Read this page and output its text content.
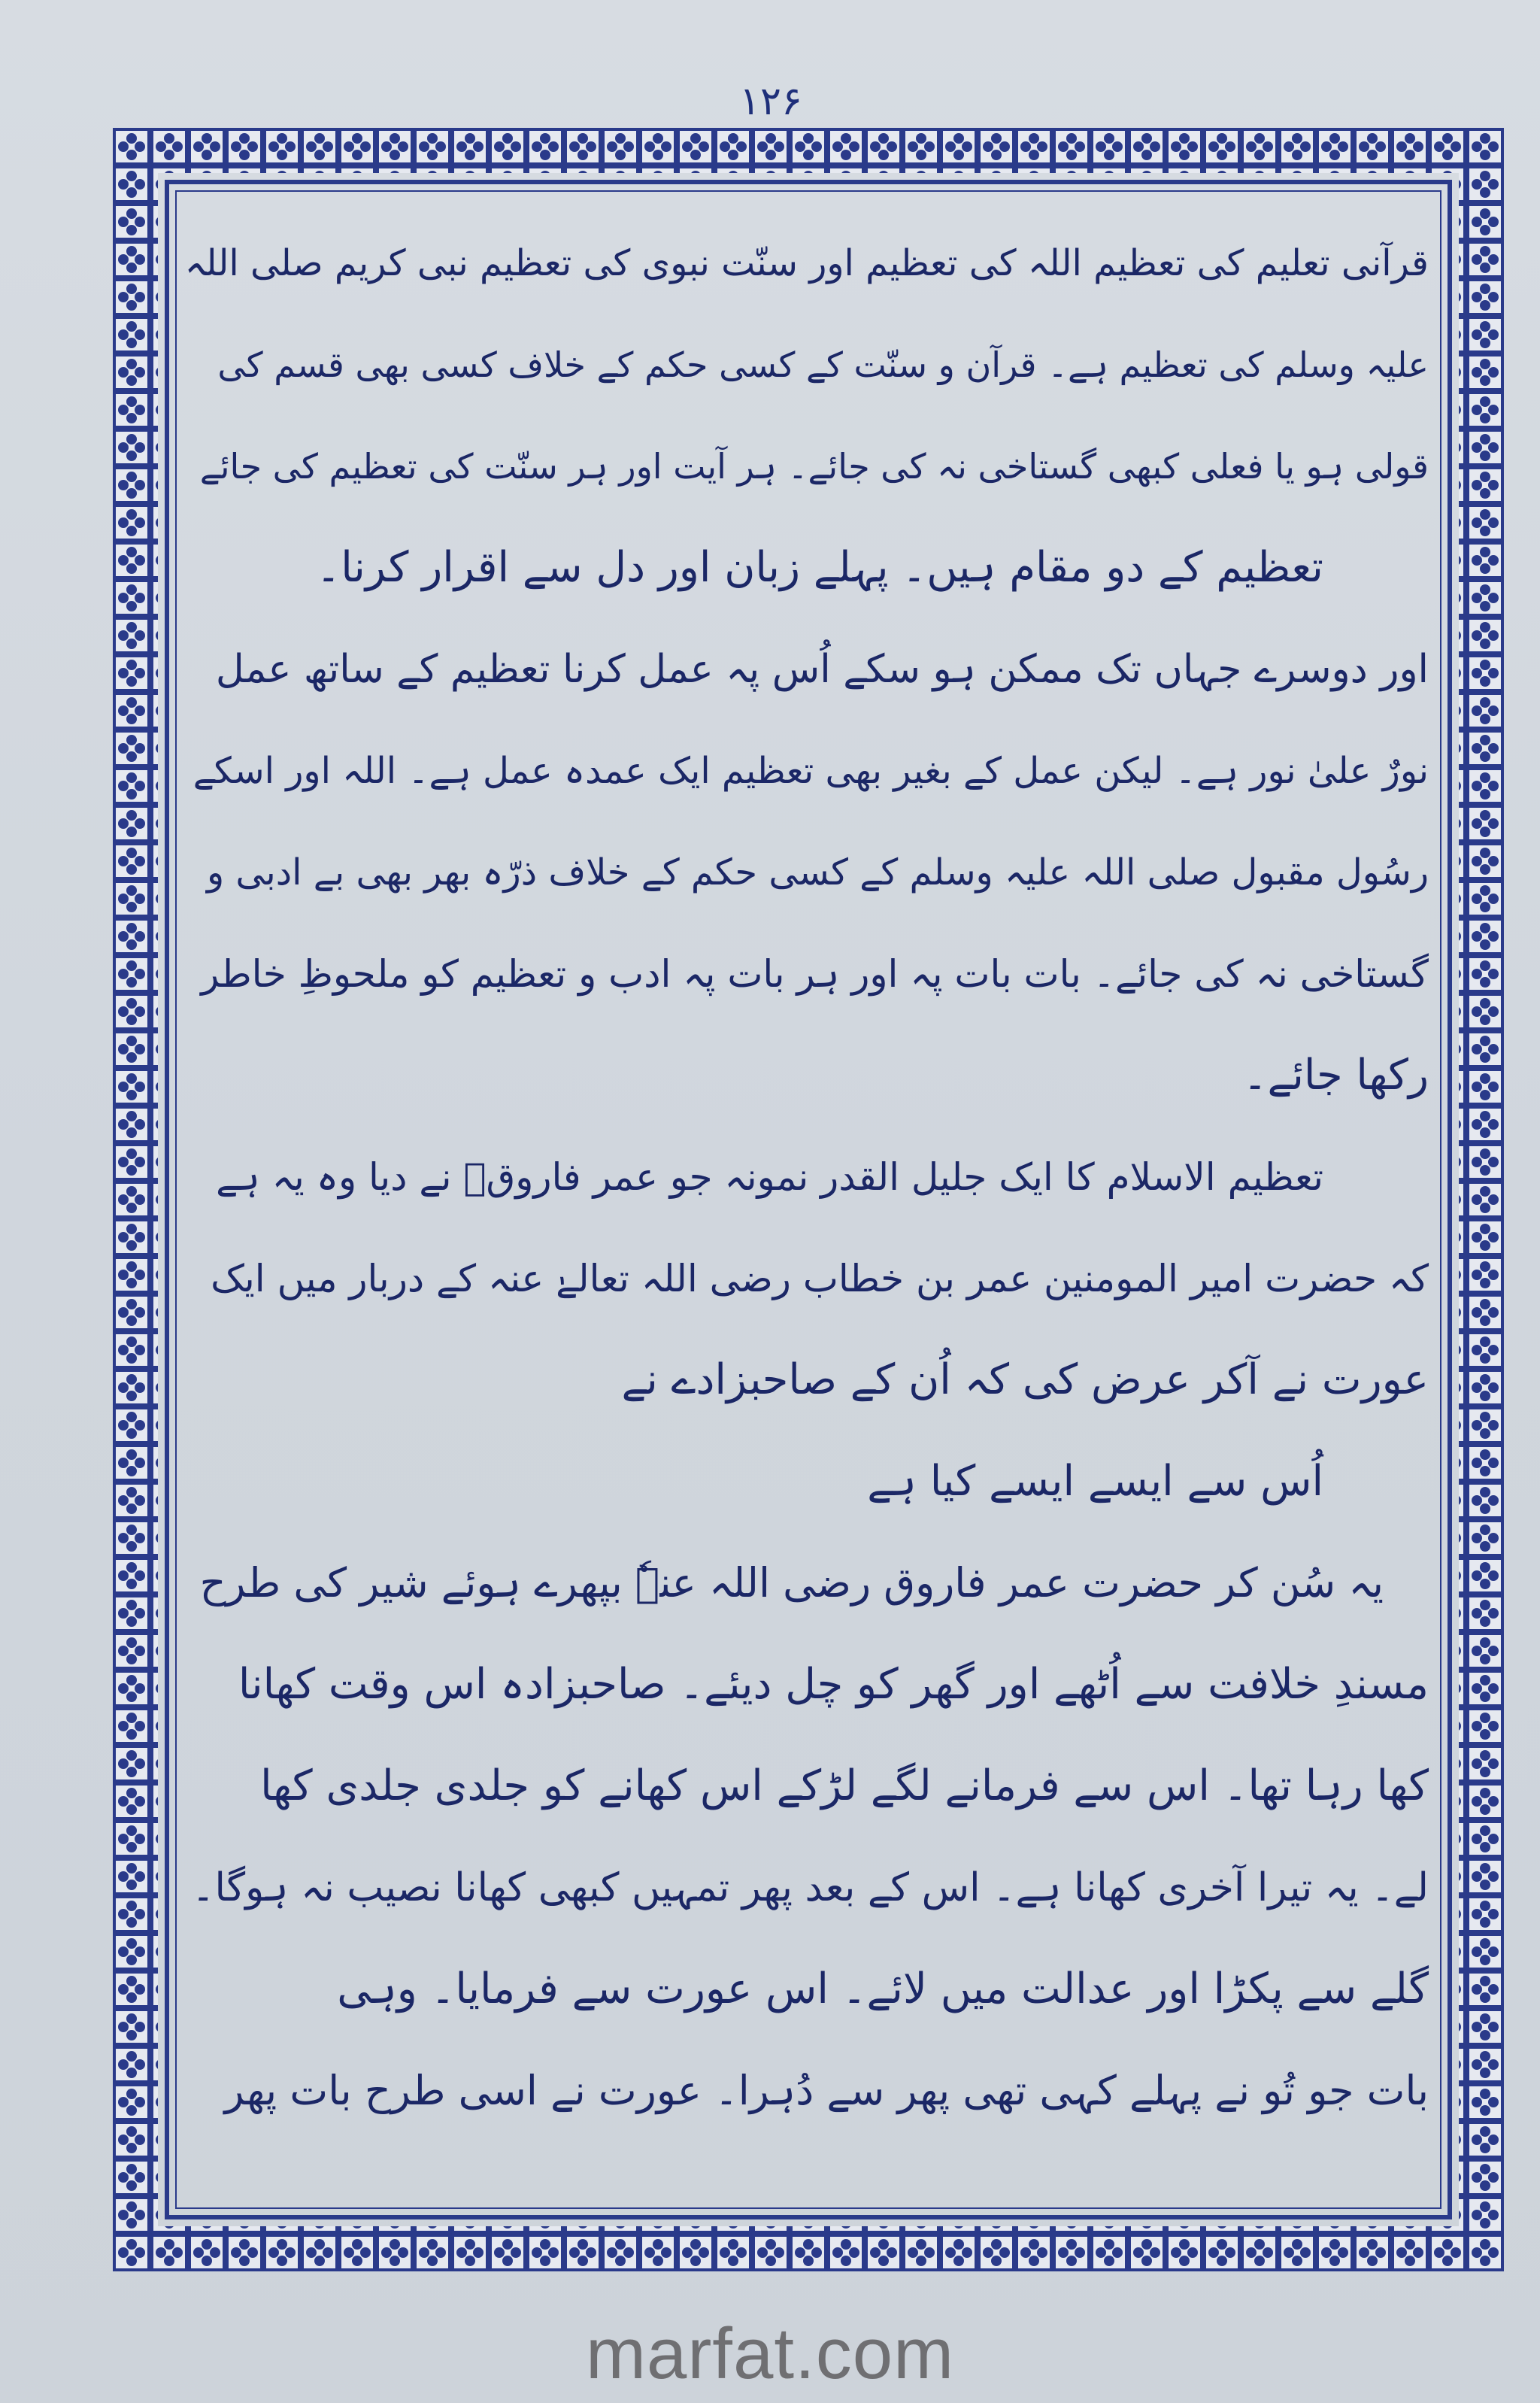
۱۲۶
قرآنی تعلیم کی تعظیم اللہ کی تعظیم اور سنّت نبوی کی تعظیم نبی کریم صلی اللہ
علیہ وسلم کی تعظیم ہے۔ قرآن و سنّت کے کسی حکم کے خلاف کسی بھی قسم کی
قولی ہو یا فعلی کبھی گستاخی نہ کی جائے۔ ہر آیت اور ہر سنّت کی تعظیم کی جائے
تعظیم کے دو مقام ہیں۔ پہلے زبان اور دل سے اقرار کرنا۔
اور دوسرے جہاں تک ممکن ہو سکے اُس پہ عمل کرنا تعظیم کے ساتھ عمل
نورٌ علیٰ نور ہے۔ لیکن عمل کے بغیر بھی تعظیم ایک عمدہ عمل ہے۔ اللہ اور اسکے
رسُول مقبول صلی اللہ علیہ وسلم کے کسی حکم کے خلاف ذرّہ بھر بھی بے ادبی و
گستاخی نہ کی جائے۔ بات بات پہ اور ہر بات پہ ادب و تعظیم کو ملحوظِ خاطر
رکھا جائے۔
تعظیم الاسلام کا ایک جلیل القدر نمونہ جو عمر فاروقؓ نے دیا وہ یہ ہے
کہ حضرت امیر المومنین عمر بن خطاب رضی اللہ تعالےٰ عنہ کے دربار میں ایک
عورت نے آکر عرض کی کہ اُن کے صاحبزادے نے
اُس سے ایسے ایسے کیا ہے
یہ سُن کر حضرت عمر فاروق رضی اللہ عنہٗ بپھرے ہوئے شیر کی طرح
مسندِ خلافت سے اُٹھے اور گھر کو چل دیئے۔ صاحبزادہ اس وقت کھانا
کھا رہا تھا۔ اس سے فرمانے لگے لڑکے اس کھانے کو جلدی جلدی کھا
لے۔ یہ تیرا آخری کھانا ہے۔ اس کے بعد پھر تمہیں کبھی کھانا نصیب نہ ہوگا۔
گلے سے پکڑا اور عدالت میں لائے۔ اس عورت سے فرمایا۔ وہی
بات جو تُو نے پہلے کہی تھی پھر سے دُہرا۔ عورت نے اسی طرح بات پھر
marfat.com
